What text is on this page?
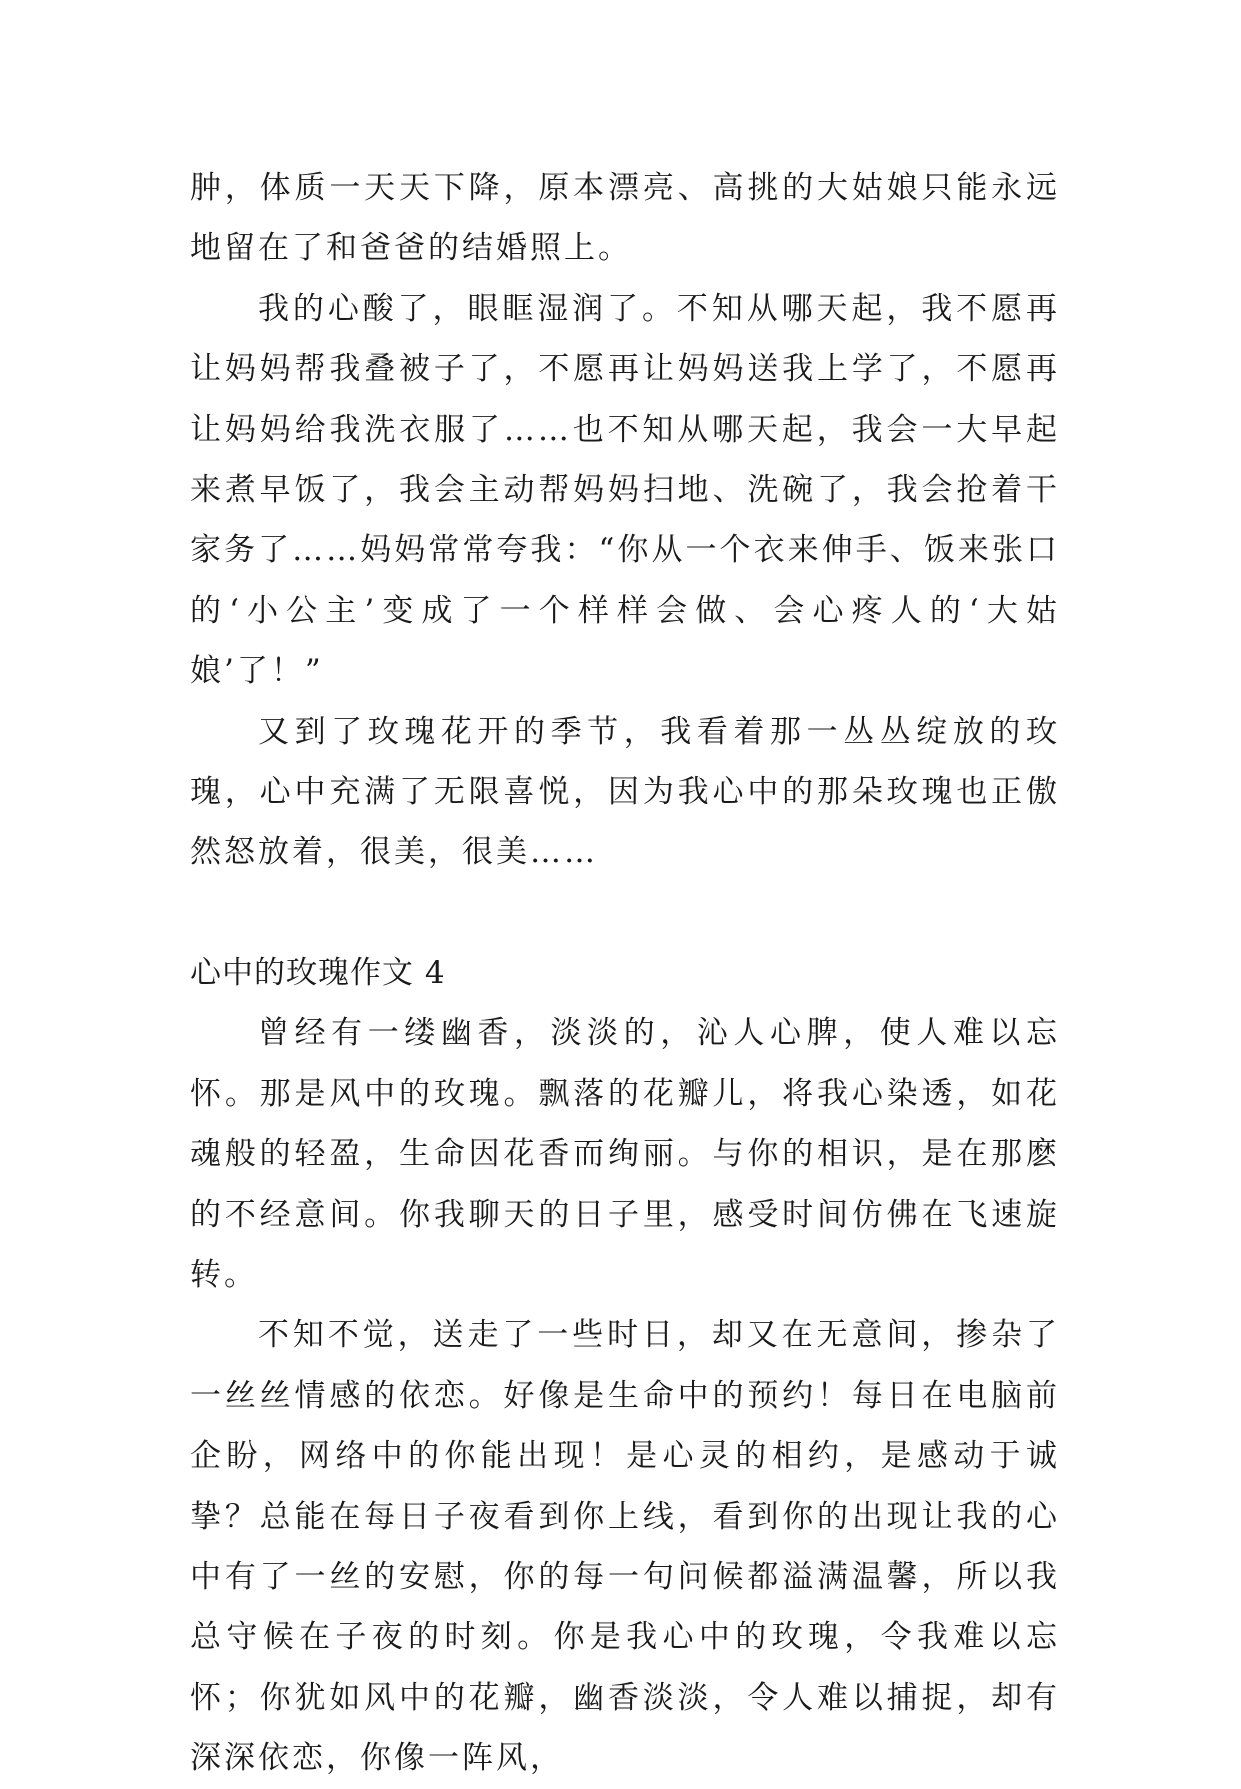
肿，体质一天天下降，原本漂亮、高挑的大姑娘只能永远地留在了和爸爸的结婚照上。

我的心酸了，眼眶湿润了。不知从哪天起，我不愿再让妈妈帮我叠被子了，不愿再让妈妈送我上学了，不愿再让妈妈给我洗衣服了……也不知从哪天起，我会一大早起来煮早饭了，我会主动帮妈妈扫地、洗碗了，我会抢着干家务了……妈妈常常夸我：“你从一个衣来伸手、饭来张口的‘小公主’变成了一个样样会做、会心疼人的‘大姑娘’了！”

又到了玫瑰花开的季节，我看着那一丛丛绽放的玫瑰，心中充满了无限喜悦，因为我心中的那朵玫瑰也正傲然怒放着，很美，很美……

心中的玫瑰作文 4

曾经有一缕幽香，淡淡的，沁人心脾，使人难以忘怀。那是风中的玫瑰。飘落的花瓣儿，将我心染透，如花魂般的轻盈，生命因花香而绚丽。与你的相识，是在那麽的不经意间。你我聊天的日子里，感受时间仿佛在飞速旋转。

不知不觉，送走了一些时日，却又在无意间，掺杂了一丝丝情感的依恋。好像是生命中的预约！每日在电脑前企盼，网络中的你能出现！是心灵的相约，是感动于诚挚？总能在每日子夜看到你上线，看到你的出现让我的心中有了一丝的安慰，你的每一句问候都溢满温馨，所以我总守候在子夜的时刻。你是我心中的玫瑰，令我难以忘怀；你犹如风中的花瓣，幽香淡淡，令人难以捕捉，却有深深依恋，你像一阵风，
